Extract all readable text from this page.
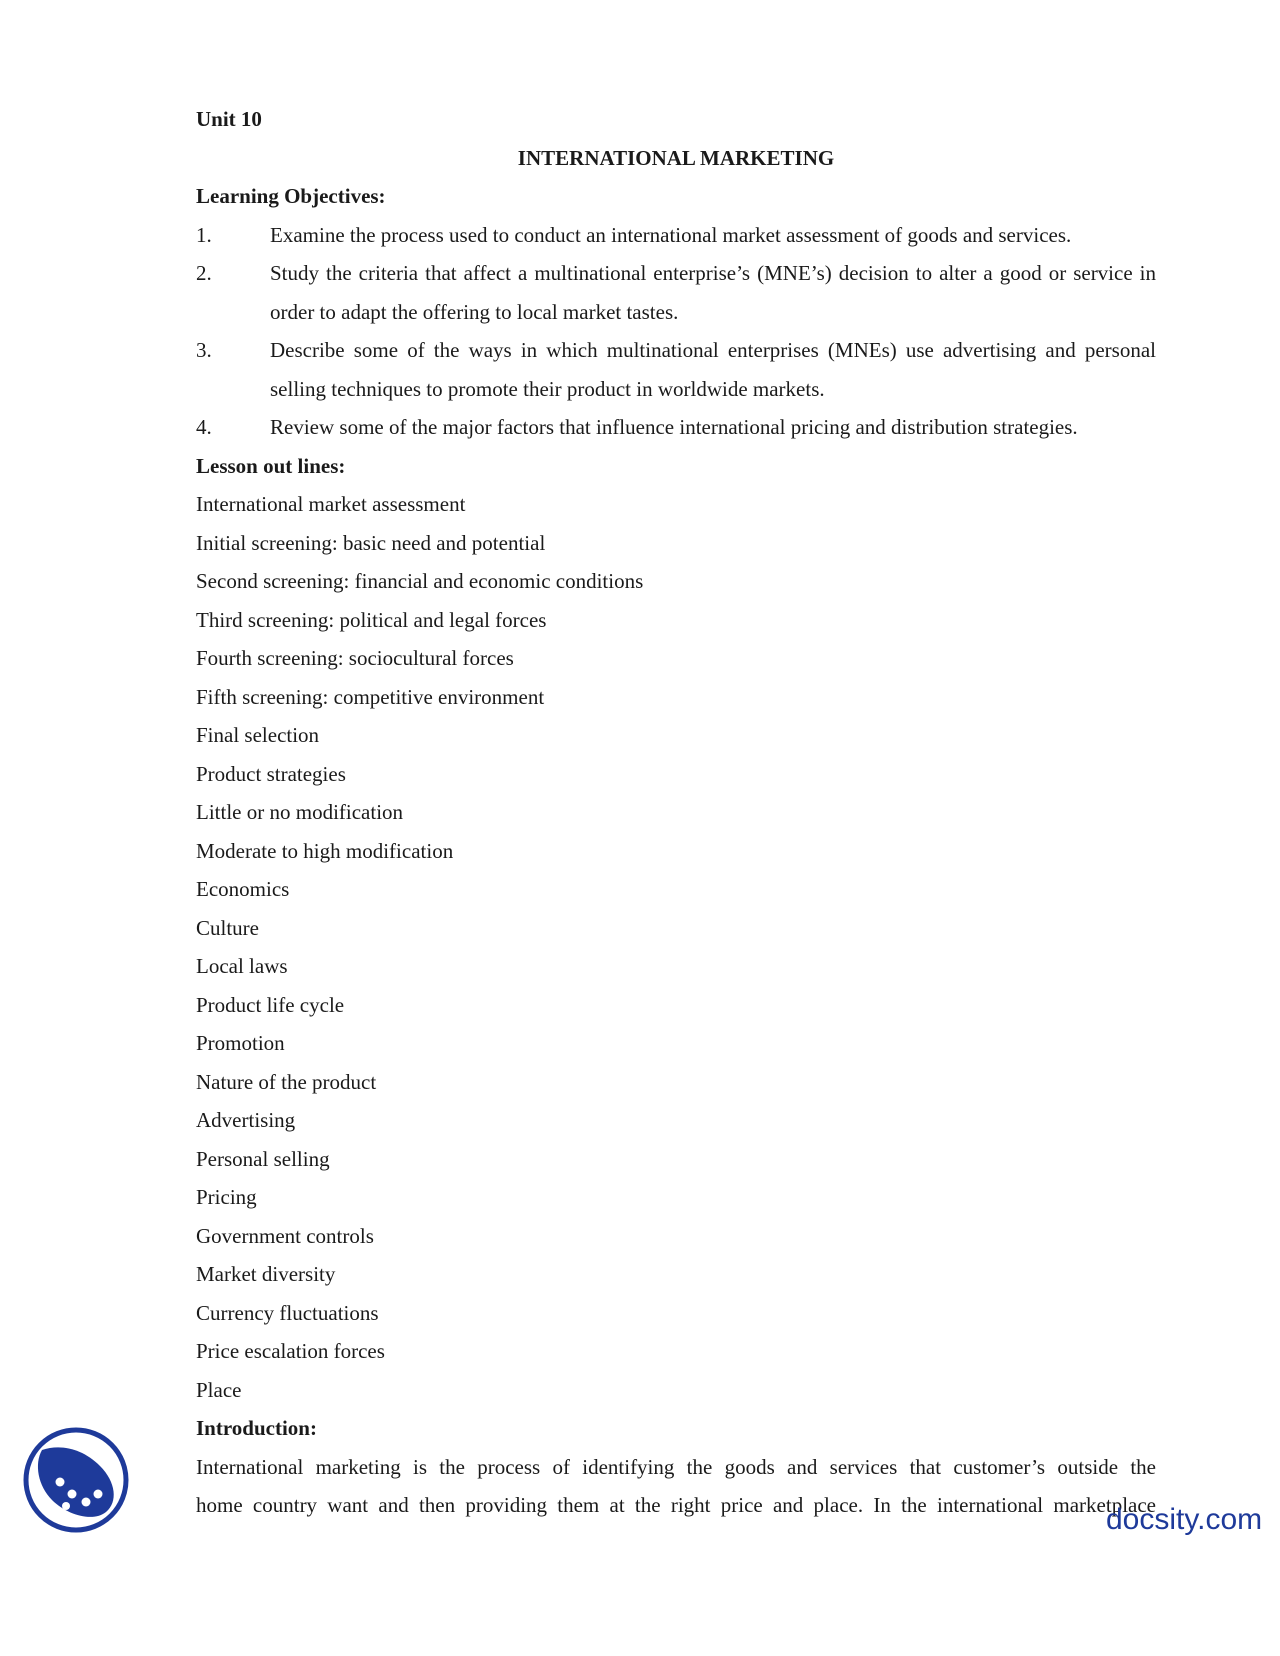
Unit 10
INTERNATIONAL MARKETING
Learning Objectives:
1.	Examine the process used to conduct an international market assessment of goods and services.
2.	Study the criteria that affect a multinational enterprise’s (MNE’s) decision to alter a good or service in order to adapt the offering to local market tastes.
3.	Describe some of the ways in which multinational enterprises (MNEs) use advertising and personal selling techniques to promote their product in worldwide markets.
4.	Review some of the major factors that influence international pricing and distribution strategies.
Lesson out lines:
International market assessment
Initial screening: basic need and potential
Second screening: financial and economic conditions
Third screening: political and legal forces
Fourth screening: sociocultural forces
Fifth screening: competitive environment
Final selection
Product strategies
Little or no modification
Moderate to high modification
Economics
Culture
Local laws
Product life cycle
Promotion
Nature of the product
Advertising
Personal selling
Pricing
Government controls
Market diversity
Currency fluctuations
Price escalation forces
Place
Introduction:
International marketing is the process of identifying the goods and services that customer’s outside the
home country want and then providing them at the right price and place. In the international marketplace
docsity.com
